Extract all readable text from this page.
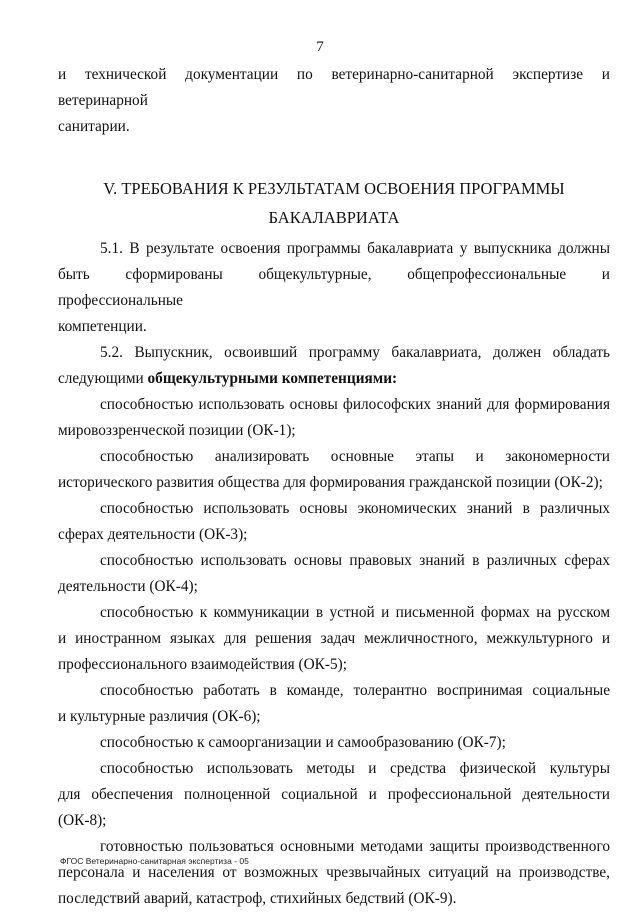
7

и технической документации по ветеринарно-санитарной экспертизе и ветеринарной

санитарии.

V. ТРЕБОВАНИЯ К РЕЗУЛЬТАТАМ ОСВОЕНИЯ ПРОГРАММЫ
БАКАЛАВРИАТА

5.1. В результате освоения программы бакалавриата у выпускника должны

быть сформированы общекультурные, общепрофессиональные и профессиональные

компетенции.

5.2. Выпускник, освоивший программу бакалавриата, должен обладать

следующими общекультурными компетенциями:

способностью использовать основы философских знаний для формирования

мировоззренческой позиции (ОК-1);

способностью анализировать основные этапы и закономерности

исторического развития общества для формирования гражданской позиции (ОК-2);

способностью использовать основы экономических знаний в различных

сферах деятельности (ОК-3);

способностью использовать основы правовых знаний в различных сферах

деятельности (ОК-4);

способностью к коммуникации в устной и письменной формах на русском

и иностранном языках для решения задач межличностного, межкультурного и

профессионального взаимодействия (ОК-5);

способностью работать в команде, толерантно воспринимая социальные

и культурные различия (ОК-6);

способностью к самоорганизации и самообразованию (ОК-7);

способностью использовать методы и средства физической культуры

для обеспечения полноценной социальной и профессиональной деятельности

(ОК-8);

готовностью пользоваться основными методами защиты производственного

персонала и населения от возможных чрезвычайных ситуаций на производстве,

последствий аварий, катастроф, стихийных бедствий (ОК-9).

ФГОС Ветеринарно-санитарная экспертиза - 05
